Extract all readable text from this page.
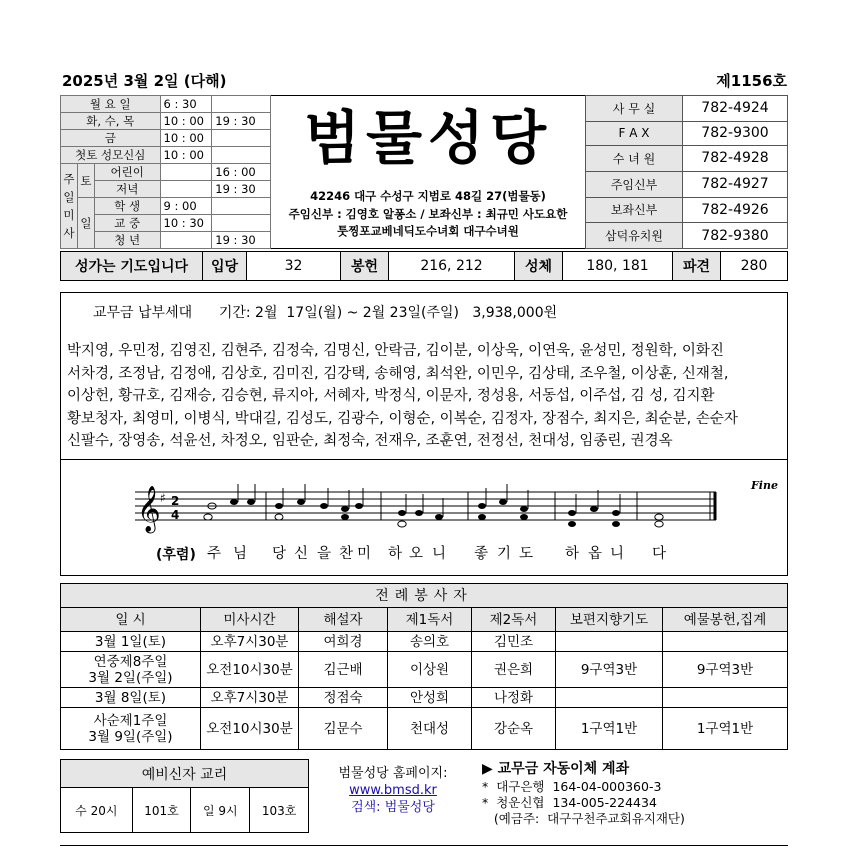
2025년 3월 2일 (다해)	제1156호
월 요 일			6 : 30	
화, 수, 목			10 : 00	19 : 30
금			10 : 00	
첫토 성모신심			10 : 00	
주
일
미
사	토	어린이		16 : 00
		저녁		19 : 30
	일	학 생	9 : 00	
		교 중	10 : 30	
		청 년		19 : 30
범물성당
42246 대구 수성구 지범로 48길 27(범물동)
주임신부 : 김영호 알퐁소 / 보좌신부 : 최규민 사도요한
툿찡포교베네딕도수녀회 대구수녀원
사 무 실	782-4924
F A X	782-9300
수 녀 원	782-4928
주임신부	782-4927
보좌신부	782-4926
삼덕유치원	782-9380
성가는 기도입니다	입당	32	봉헌	216, 212	성체	180, 181	파견	280
교무금 납부세대 기간: 2월  17일(월) ~ 2월 23일(주일) 3,938,000원
박지영, 우민정, 김영진, 김현주, 김정숙, 김명신, 안락금, 김이분, 이상욱, 이연욱, 윤성민, 정원학, 이화진
서차경, 조정남, 김정애, 김상호, 김미진, 김강택, 송해영, 최석완, 이민우, 김상태, 조우철, 이상훈, 신재철,
이상헌, 황규호, 김재승, 김승현, 류지아, 서혜자, 박정식, 이문자, 정성용, 서동섭, 이주섭, 김 성, 김지환
황보청자, 최영미, 이병식, 박대길, 김성도, 김광수, 이형순, 이복순, 김정자, 장점수, 최지은, 최순분, 손순자
신팔수, 장영송, 석윤선, 차정오, 임판순, 최정숙, 전재우, 조훈연, 전정선, 천대성, 임종린, 권경옥
𝄞 ♯ 2
4
Fine
(후렴) 주 님 당 신 을 찬 미 하 오 니 좋 기 도 하 옵 니 다
전례봉사자						
일 시	미사시간	해설자	제1독서	제2독서	보편지향기도	예물봉헌,집계
3월 1일(토)	오후7시30분	여희경	송의호	김민조		
연중제8주일
3월 2일(주일)	오전10시30분	김근배	이상원	권은희	9구역3반	9구역3반
3월 8일(토)	오후7시30분	정점숙	안성희	나정화		
사순제1주일
3월 9일(주일)	오전10시30분	김문수	천대성	강순옥	1구역1반	1구역1반
예비신자 교리
수 20시	101호	일 9시	103호
범물성당 홈페이지:
www.bmsd.kr
검색: 범물성당
▶ 교무금 자동이체 계좌
*  대구은행  164-04-000360-3
*  청운신협  134-005-224434
(예금주:  대구구천주교회유지재단)
